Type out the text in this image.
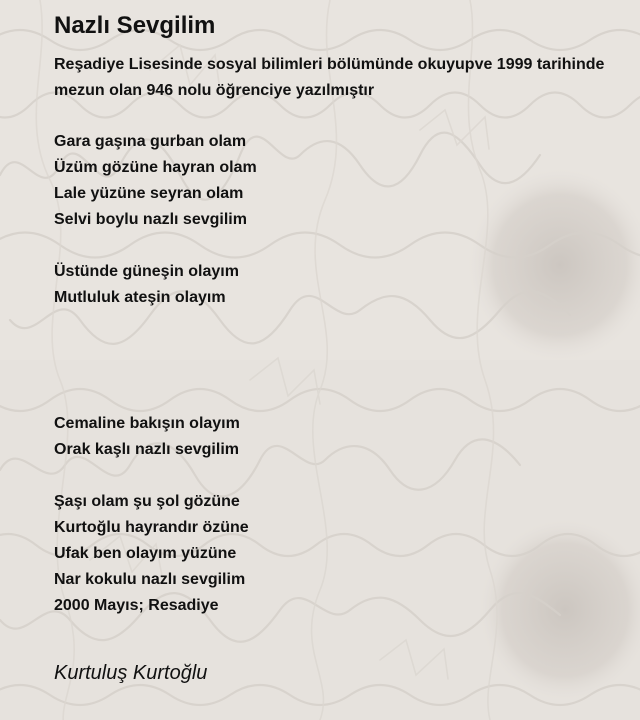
Nazlı Sevgilim
Reşadiye Lisesinde sosyal bilimleri bölümünde okuyupve 1999 tarihinde mezun olan 946 nolu öğrenciye yazılmıştır
Gara gaşına gurban olam
Üzüm gözüne hayran olam
Lale yüzüne seyran olam
Selvi boylu nazlı sevgilim
Üstünde güneşin olayım
Mutluluk ateşin olayım
Cemaline bakışın olayım
Orak kaşlı nazlı sevgilim
Şaşı olam şu şol gözüne
Kurtoğlu hayrandır özüne
Ufak ben olayım yüzüne
Nar kokulu nazlı sevgilim
2000 Mayıs; Resadiye
Kurtuluş Kurtoğlu
